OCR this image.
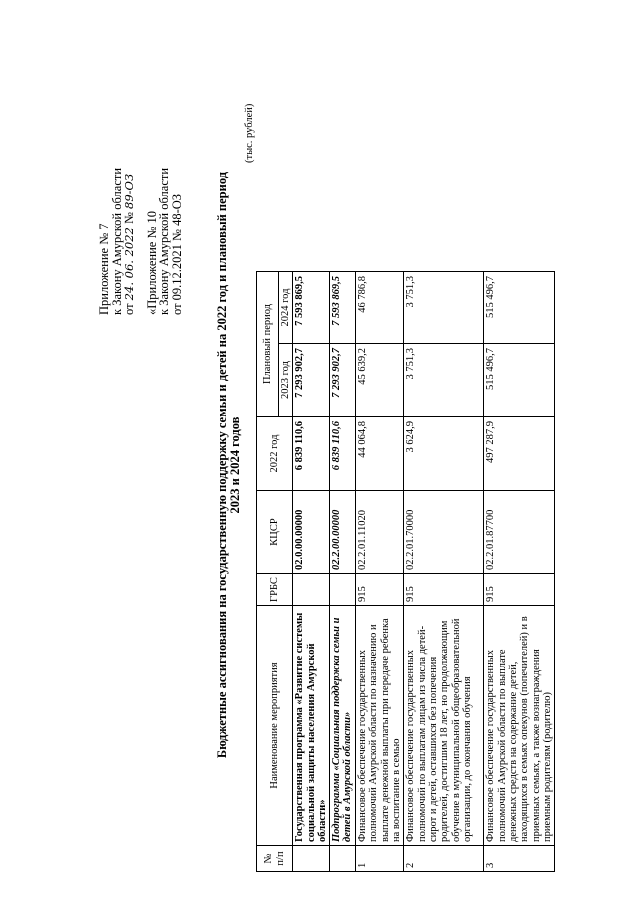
Приложение № 7
к Закону Амурской области
от 24. 06. 2022 № 89-ОЗ
«Приложение № 10
к Закону Амурской области
от 09.12.2021 № 48-ОЗ	Бюджетные ассигнования на государственную поддержку семьи и детей на 2022 год и плановый период
2023 и 2024 годов
(тыс. рублей)
№ п/п	Наименование мероприятия	ГРБС	КЦСР	2022 год	Плановый период	
					2023 год	2024 год
	Государственная программа «Развитие системы социальной защиты населения Амурской области»		02.0.00.00000	6 839 110,6	7 293 902,7	7 593 869,5
	Подпрограмма «Социальная поддержка семьи и детей в Амурской области»		02.2.00.00000	6 839 110,6	7 293 902,7	7 593 869,5
1	Финансовое обеспечение государственных полномочий Амурской области по назначению и выплате денежной выплаты при передаче ребенка на воспитание в семью	915	02.2.01.11020	44 064,8	45 639,2	46 786,8
2	Финансовое обеспечение государственных полномочий по выплатам лицам из числа детей-сирот и детей, оставшихся без попечения родителей, достигшим 18 лет, но продолжающим обучение в муниципальной общеобразовательной организации, до окончания обучения	915	02.2.01.70000	3 624,9	3 751,3	3 751,3
3	Финансовое обеспечение государственных полномочий Амурской области по выплате денежных средств на содержание детей, находящихся в семьях опекунов (попечителей) и в приемных семьях, а также вознаграждения приемным родителям (родителю)	915	02.2.01.87700	497 287,9	515 496,7	515 496,7
